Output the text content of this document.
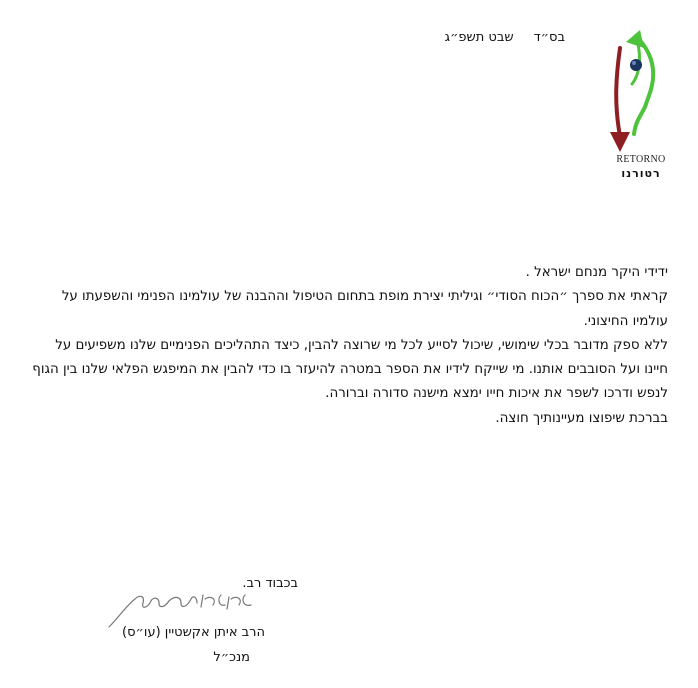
בס״דשבט תשפ״ג
RETORNO
רטורנו

ידידי היקר מנחם ישראל .

קראתי את ספרך ״הכוח הסודי״ וגיליתי יצירת מופת בתחום הטיפול וההבנה של עולמינו הפנימי והשפעתו על עולמיו החיצוני.

ללא ספק מדובר בכלי שימושי, שיכול לסייע לכל מי שרוצה להבין, כיצד התהליכים הפנימיים שלנו משפיעים על חיינו ועל הסובבים אותנו. מי שייקח לידיו את הספר במטרה להיעזר בו כדי להבין את המיפגש הפלאי שלנו בין הגוף לנפש ודרכו לשפר את איכות חייו ימצא מישנה סדורה וברורה.

בברכת שיפוצו מעיינותיך חוצה.

בכבוד רב.
הרב איתן אקשטיין (עו״ס)
מנכ״ל
